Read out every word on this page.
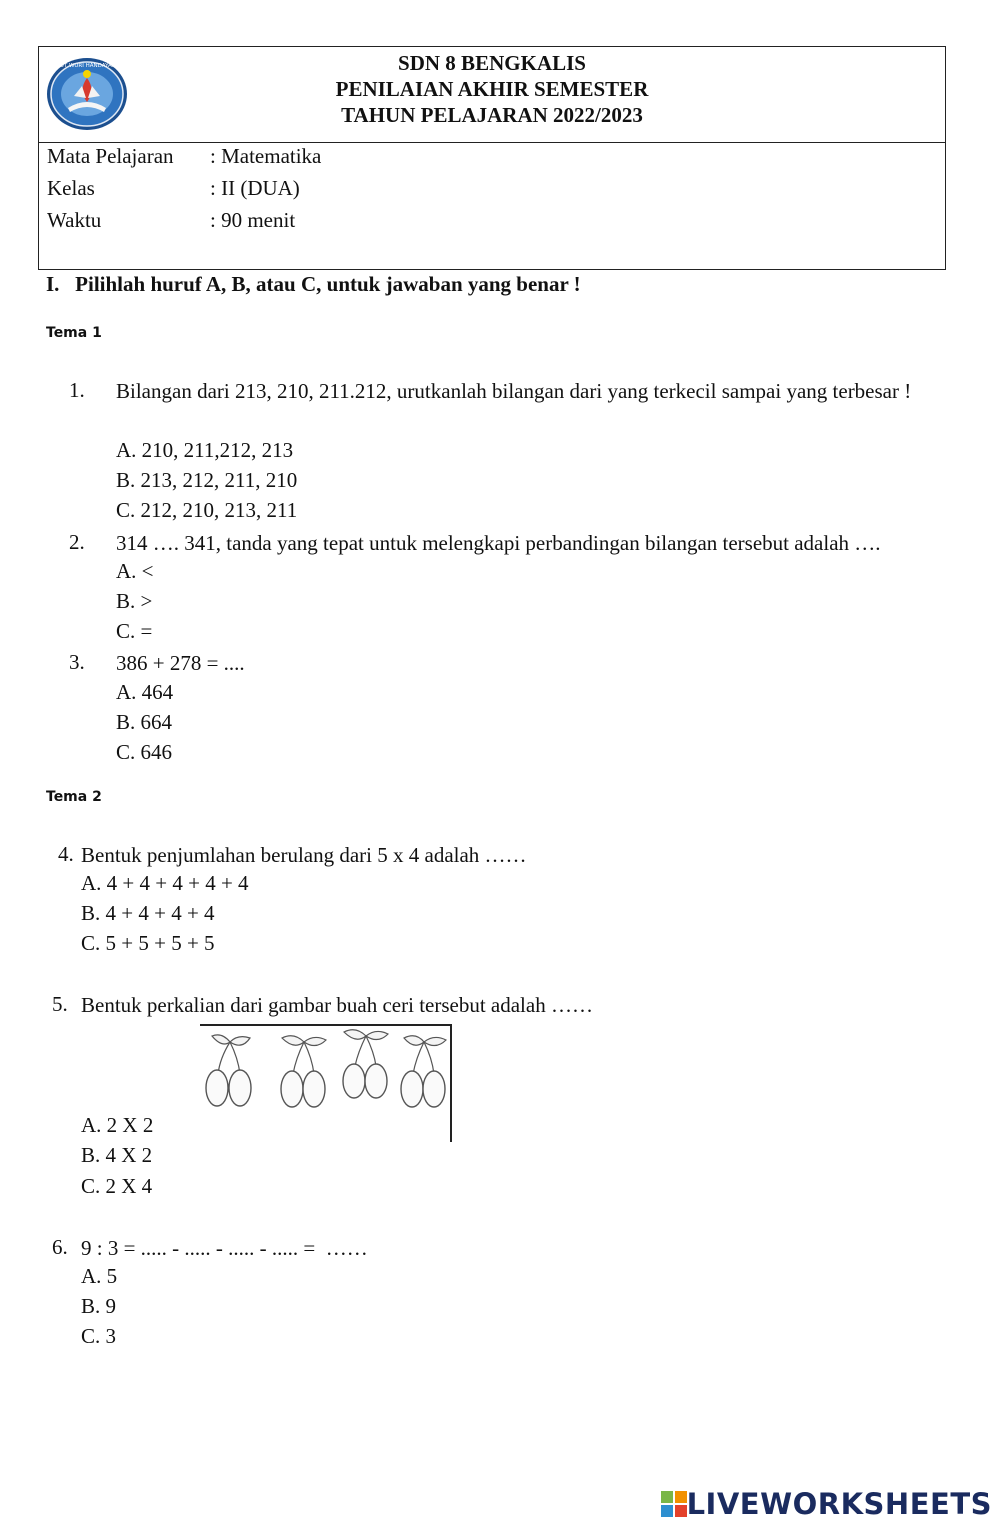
TUT WURI HANDAYANI	SDN 8 BENGKALIS
PENILAIAN AKHIR SEMESTER
TAHUN PELAJARAN 2022/2023
Mata Pelajaran : Matematika
Kelas	: II (DUA)
Waktu	: 90 menit
I.   Pilihlah huruf A, B, atau C, untuk jawaban yang benar !
Tema 1
1. Bilangan dari 213, 210, 211.212, urutkanlah bilangan dari yang terkecil sampai yang terbesar !
A. 210, 211,212, 213
B. 213, 212, 211, 210
C. 212, 210, 213, 211
2. 314 …. 341, tanda yang tepat untuk melengkapi perbandingan bilangan tersebut adalah ….
A. <
B. >
C. =
3. 386 + 278 = ....
A. 464
B. 664
C. 646
Tema 2
4. Bentuk penjumlahan berulang dari 5 x 4 adalah ……
A. 4 + 4 + 4 + 4 + 4
B. 4 + 4 + 4 + 4
C. 5 + 5 + 5 + 5
5. Bentuk perkalian dari gambar buah ceri tersebut adalah ……
A. 2 X 2
B. 4 X 2
C. 2 X 4
6. 9 : 3 = ..... - ..... - ..... - ..... =  ……
A. 5
B. 9
C. 3
LIVEWORKSHEETS
